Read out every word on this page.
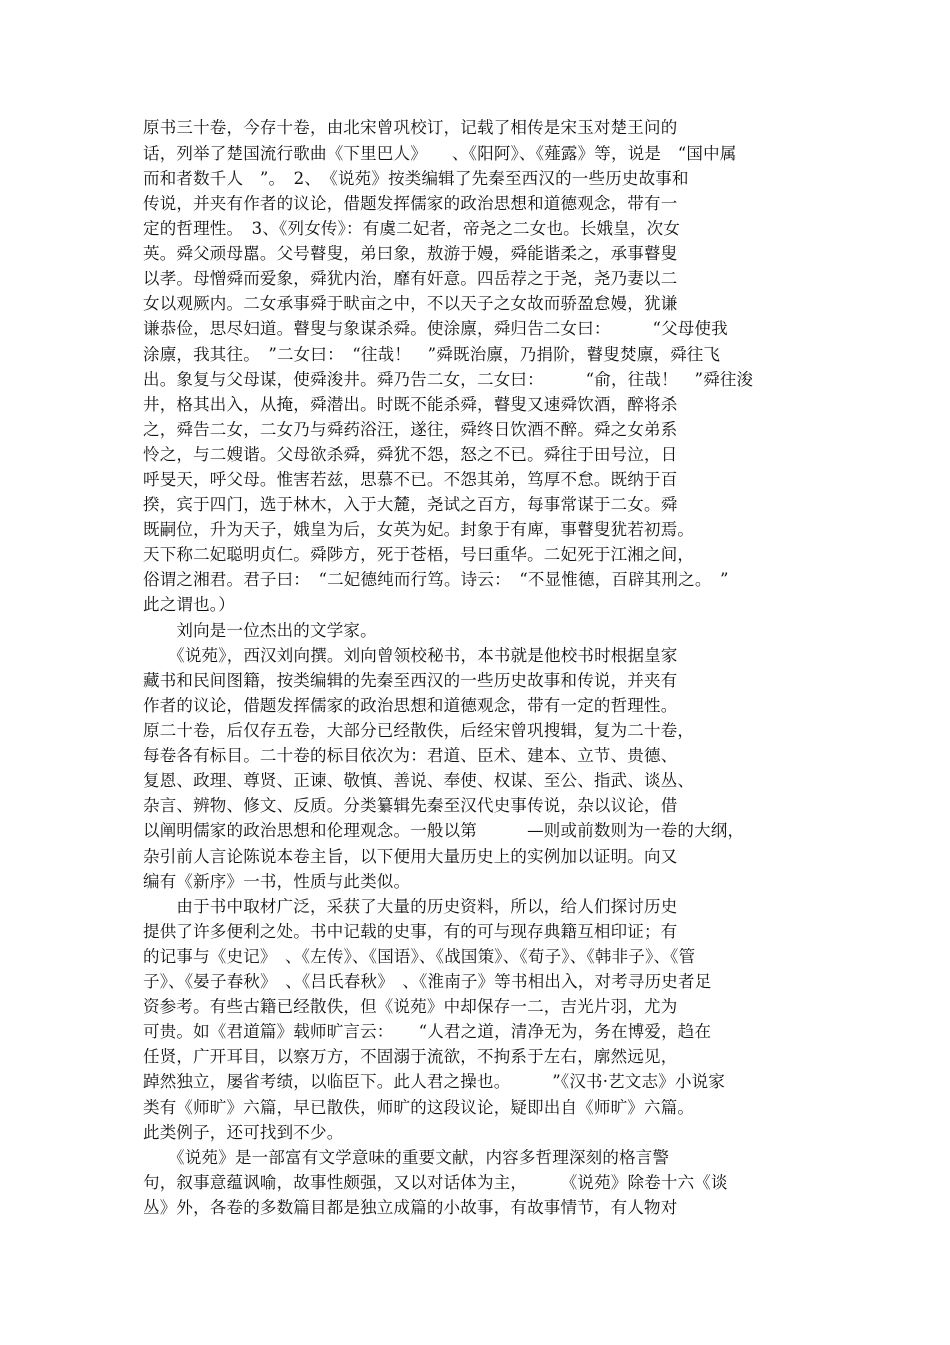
原书三十卷，今存十卷，由北宋曾巩校订，记载了相传是宋玉对楚王问的
话，列举了楚国流行歌曲《下里巴人》　　、《阳阿》、《薤露》等，说是　“国中属
而和者数千人　”。　2、　《说苑》按类编辑了先秦至西汉的一些历史故事和
传说，并夹有作者的议论，借题发挥儒家的政治思想和道德观念，带有一
定的哲理性。　3、《列女传》：有虞二妃者，帝尧之二女也。长娥皇，次女
英。舜父顽母嚚。父号瞽叟，弟曰象，敖游于嫚，舜能谐柔之，承事瞽叟
以孝。母憎舜而爱象，舜犹内治，靡有奸意。四岳荐之于尧，尧乃妻以二
女以观厥内。二女承事舜于畎亩之中，不以天子之女故而骄盈怠嫚，犹谦
谦恭俭，思尽妇道。瞽叟与象谋杀舜。使涂廪，舜归告二女曰：　　　“父母使我
涂廪，我其往。　”二女曰：　“往哉！　”舜既治廪，乃捐阶，瞽叟焚廪，舜往飞
出。象复与父母谋，使舜浚井。舜乃告二女，二女曰：　　　“俞，往哉！　”舜往浚
井，格其出入，从掩，舜潜出。时既不能杀舜，瞽叟又速舜饮酒，醉将杀
之，舜告二女，二女乃与舜药浴汪，遂往，舜终日饮酒不醉。舜之女弟系
怜之，与二嫂谐。父母欲杀舜，舜犹不怨，怒之不已。舜往于田号泣，日
呼旻天，呼父母。惟害若兹，思慕不已。不怨其弟，笃厚不怠。既纳于百
揆，宾于四门，选于林木，入于大麓，尧试之百方，每事常谋于二女。舜
既嗣位，升为天子，娥皇为后，女英为妃。封象于有庳，事瞽叟犹若初焉。
天下称二妃聪明贞仁。舜陟方，死于苍梧，号曰重华。二妃死于江湘之间，
俗谓之湘君。君子曰：　“二妃德纯而行笃。诗云：　“不显惟德，百辟其刑之。　”
此之谓也。）
　　刘向是一位杰出的文学家。
　　《说苑》，西汉刘向撰。刘向曾领校秘书，本书就是他校书时根据皇家
藏书和民间图籍，按类编辑的先秦至西汉的一些历史故事和传说，并夹有
作者的议论，借题发挥儒家的政治思想和道德观念，带有一定的哲理性。
原二十卷，后仅存五卷，大部分已经散佚，后经宋曾巩搜辑，复为二十卷，
每卷各有标目。二十卷的标目依次为：君道、臣术、建本、立节、贵德、
复恩、政理、尊贤、正谏、敬慎、善说、奉使、权谋、至公、指武、谈丛、
杂言、辨物、修文、反质。分类纂辑先秦至汉代史事传说，杂以议论，借
以阐明儒家的政治思想和伦理观念。一般以第　　　—则或前数则为一卷的大纲，
杂引前人言论陈说本卷主旨，以下便用大量历史上的实例加以证明。向又
编有《新序》一书，性质与此类似。
　　由于书中取材广泛，采获了大量的历史资料，所以，给人们探讨历史
提供了许多便利之处。书中记载的史事，有的可与现存典籍互相印证；有
的记事与《史记》　、《左传》、《国语》、《战国策》、《荀子》、《韩非子》、《管
子》、《晏子春秋》　、《吕氏春秋》　、《淮南子》等书相出入，对考寻历史者足
资参考。有些古籍已经散佚，但《说苑》中却保存一二，吉光片羽，尤为
可贵。如《君道篇》载师旷言云：　　“人君之道，清净无为，务在博爱，趋在
任贤，广开耳目，以察万方，不固溺于流欲，不拘系于左右，廓然远见，
踔然独立，屡省考绩，以临臣下。此人君之操也。　　　”《汉书·艺文志》小说家
类有《师旷》六篇，早已散佚，师旷的这段议论，疑即出自《师旷》六篇。
此类例子，还可找到不少。
　　《说苑》是一部富有文学意味的重要文献，内容多哲理深刻的格言警
句，叙事意蕴讽喻，故事性颇强，又以对话体为主，　　　《说苑》除卷十六《谈
丛》外，各卷的多数篇目都是独立成篇的小故事，有故事情节，有人物对
